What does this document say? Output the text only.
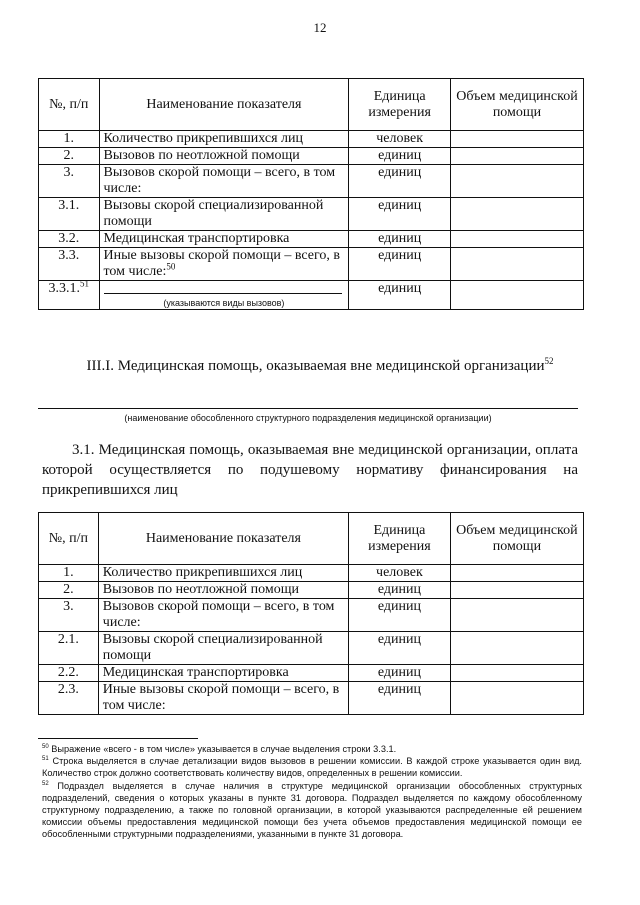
12
№, п/п	Наименование показателя	Единица измерения	Объем медицинской помощи
1.	Количество прикрепившихся лиц	человек	
2.	Вызовов по неотложной помощи	единиц	
3.	Вызовов скорой помощи – всего, в том числе:	единиц	
3.1.	Вызовы скорой специализированной помощи	единиц	
3.2.	Медицинская транспортировка	единиц	
3.3.	Иные вызовы скорой помощи – всего, в том числе:$^{50}$	единиц	
3.3.1.51	(указываются виды вызовов)	единиц	
III.I. Медицинская помощь, оказываемая вне медицинской организации$^{52}$
(наименование обособленного структурного подразделения медицинской организации)
3.1. Медицинская помощь, оказываемая вне медицинской организации, оплата которой осуществляется по подушевому нормативу финансирования на прикрепившихся лиц
№, п/п	Наименование показателя	Единица измерения	Объем медицинской помощи
1.	Количество прикрепившихся лиц	человек	
2.	Вызовов по неотложной помощи	единиц	
3.	Вызовов скорой помощи – всего, в том числе:	единиц	
2.1.	Вызовы скорой специализированной помощи	единиц	
2.2.	Медицинская транспортировка	единиц	
2.3.	Иные вызовы скорой помощи – всего, в том числе:	единиц	

$^{50}$ Выражение «всего - в том числе» указывается в случае выделения строки 3.3.1.

$^{51}$ Строка выделяется в случае детализации видов вызовов в решении комиссии. В каждой строке указывается один вид. Количество строк должно соответствовать количеству видов, определенных в решении комиссии.

$^{52}$ Подраздел выделяется в случае наличия в структуре медицинской организации обособленных структурных подразделений, сведения о которых указаны в пункте 31 договора. Подраздел выделяется по каждому обособленному структурному подразделению, а также по головной организации, в которой указываются распределенные ей решением комиссии объемы предоставления медицинской помощи без учета объемов предоставления медицинской помощи ее обособленными структурными подразделениями, указанными в пункте 31 договора.
